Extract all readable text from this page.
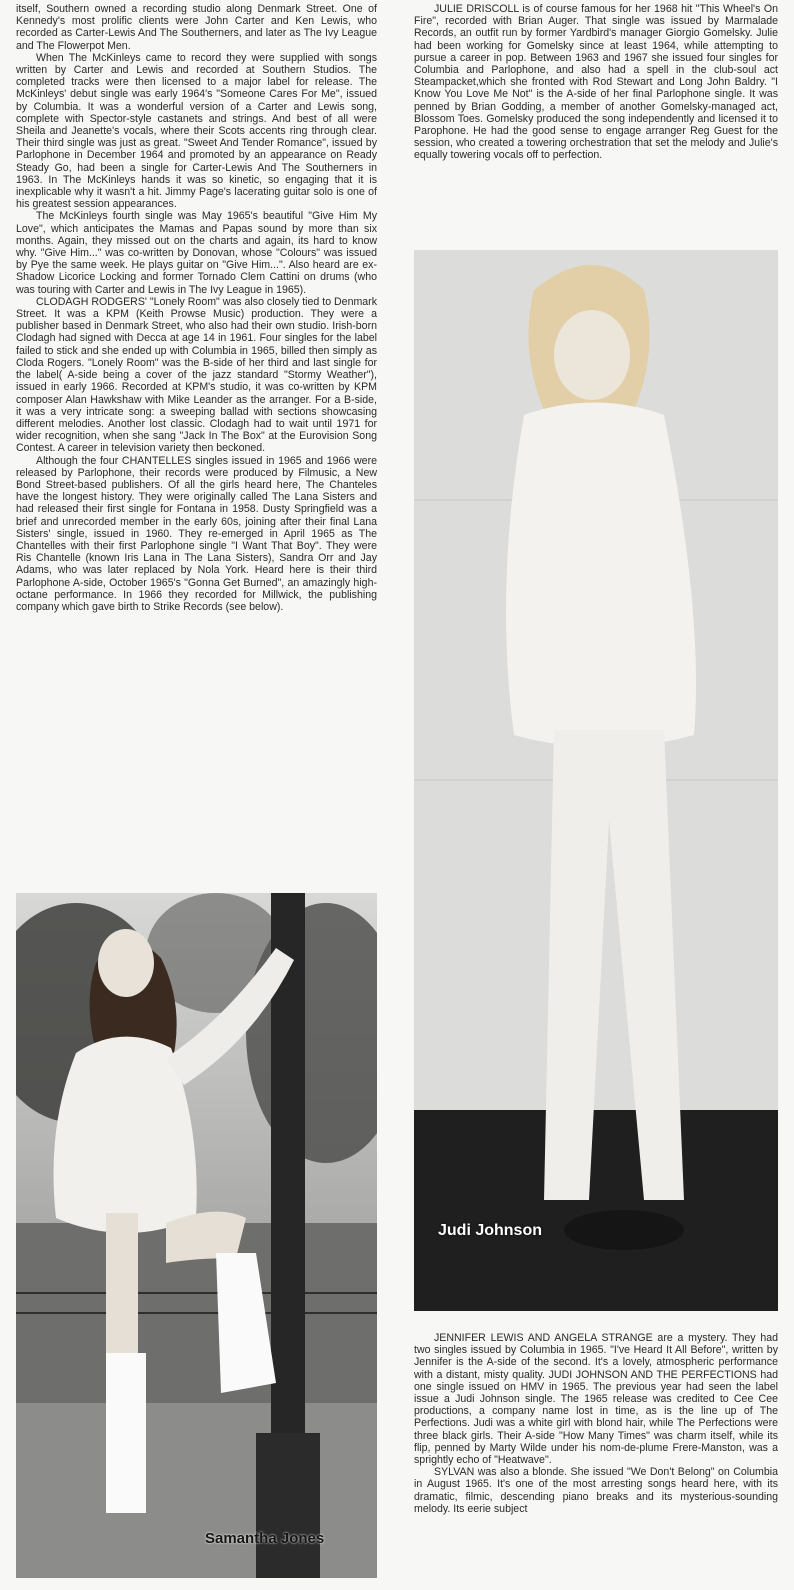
itself, Southern owned a recording studio along Denmark Street. One of Kennedy's most prolific clients were John Carter and Ken Lewis, who recorded as Carter-Lewis And The Southerners, and later as The Ivy League and The Flowerpot Men.

When The McKinleys came to record they were supplied with songs written by Carter and Lewis and recorded at Southern Studios. The completed tracks were then licensed to a major label for release. The McKinleys' debut single was early 1964's "Someone Cares For Me", issued by Columbia. It was a wonderful version of a Carter and Lewis song, complete with Spector-style castanets and strings. And best of all were Sheila and Jeanette's vocals, where their Scots accents ring through clear. Their third single was just as great. "Sweet And Tender Romance", issued by Parlophone in December 1964 and promoted by an appearance on Ready Steady Go, had been a single for Carter-Lewis And The Southerners in 1963. In The McKinleys hands it was so kinetic, so engaging that it is inexplicable why it wasn't a hit. Jimmy Page's lacerating guitar solo is one of his greatest session appearances.

The McKinleys fourth single was May 1965's beautiful "Give Him My Love", which anticipates the Mamas and Papas sound by more than six months. Again, they missed out on the charts and again, its hard to know why. "Give Him..." was co-written by Donovan, whose "Colours" was issued by Pye the same week. He plays guitar on "Give Him...". Also heard are ex-Shadow Licorice Locking and former Tornado Clem Cattini on drums (who was touring with Carter and Lewis in The Ivy League in 1965).

CLODAGH RODGERS' "Lonely Room" was also closely tied to Denmark Street. It was a KPM (Keith Prowse Music) production. They were a publisher based in Denmark Street, who also had their own studio. Irish-born Clodagh had signed with Decca at age 14 in 1961. Four singles for the label failed to stick and she ended up with Columbia in 1965, billed then simply as Cloda Rogers. "Lonely Room" was the B-side of her third and last single for the label( A-side being a cover of the jazz standard "Stormy Weather"), issued in early 1966. Recorded at KPM's studio, it was co-written by KPM composer Alan Hawkshaw with Mike Leander as the arranger. For a B-side, it was a very intricate song: a sweeping ballad with sections showcasing different melodies. Another lost classic. Clodagh had to wait until 1971 for wider recognition, when she sang "Jack In The Box" at the Eurovision Song Contest. A career in television variety then beckoned.

Although the four CHANTELLES singles issued in 1965 and 1966 were released by Parlophone, their records were produced by Filmusic, a New Bond Street-based publishers. Of all the girls heard here, The Chanteles have the longest history. They were originally called The Lana Sisters and had released their first single for Fontana in 1958. Dusty Springfield was a brief and unrecorded member in the early 60s, joining after their final Lana Sisters' single, issued in 1960. They re-emerged in April 1965 as The Chantelles with their first Parlophone single "I Want That Boy". They were Ris Chantelle (known Iris Lana in The Lana Sisters), Sandra Orr and Jay Adams, who was later replaced by Nola York. Heard here is their third Parlophone A-side, October 1965's "Gonna Get Burned", an amazingly high-octane performance. In 1966 they recorded for Millwick, the publishing company which gave birth to Strike Records (see below).

JULIE DRISCOLL is of course famous for her 1968 hit "This Wheel's On Fire", recorded with Brian Auger. That single was issued by Marmalade Records, an outfit run by former Yardbird's manager Giorgio Gomelsky. Julie had been working for Gomelsky since at least 1964, while attempting to pursue a career in pop. Between 1963 and 1967 she issued four singles for Columbia and Parlophone, and also had a spell in the club-soul act Steampacket,which she fronted with Rod Stewart and Long John Baldry. "I Know You Love Me Not" is the A-side of her final Parlophone single. It was penned by Brian Godding, a member of another Gomelsky-managed act, Blossom Toes. Gomelsky produced the song independently and licensed it to Parophone. He had the good sense to engage arranger Reg Guest for the session, who created a towering orchestration that set the melody and Julie's equally towering vocals off to perfection.

Samantha Jones
Judi Johnson

JENNIFER LEWIS AND ANGELA STRANGE are a mystery. They had two singles issued by Columbia in 1965. "I've Heard It All Before", written by Jennifer is the A-side of the second. It's a lovely, atmospheric performance with a distant, misty quality. JUDI JOHNSON AND THE PERFECTIONS had one single issued on HMV in 1965. The previous year had seen the label issue a Judi Johnson single. The 1965 release was credited to Cee Cee productions, a company name lost in time, as is the line up of The Perfections. Judi was a white girl with blond hair, while The Perfections were three black girls. Their A-side "How Many Times" was charm itself, while its flip, penned by Marty Wilde under his nom-de-plume Frere-Manston, was a sprightly echo of "Heatwave".

SYLVAN was also a blonde. She issued "We Don't Belong" on Columbia in August 1965. It's one of the most arresting songs heard here, with its dramatic, filmic, descending piano breaks and its mysterious-sounding melody. Its eerie subject
